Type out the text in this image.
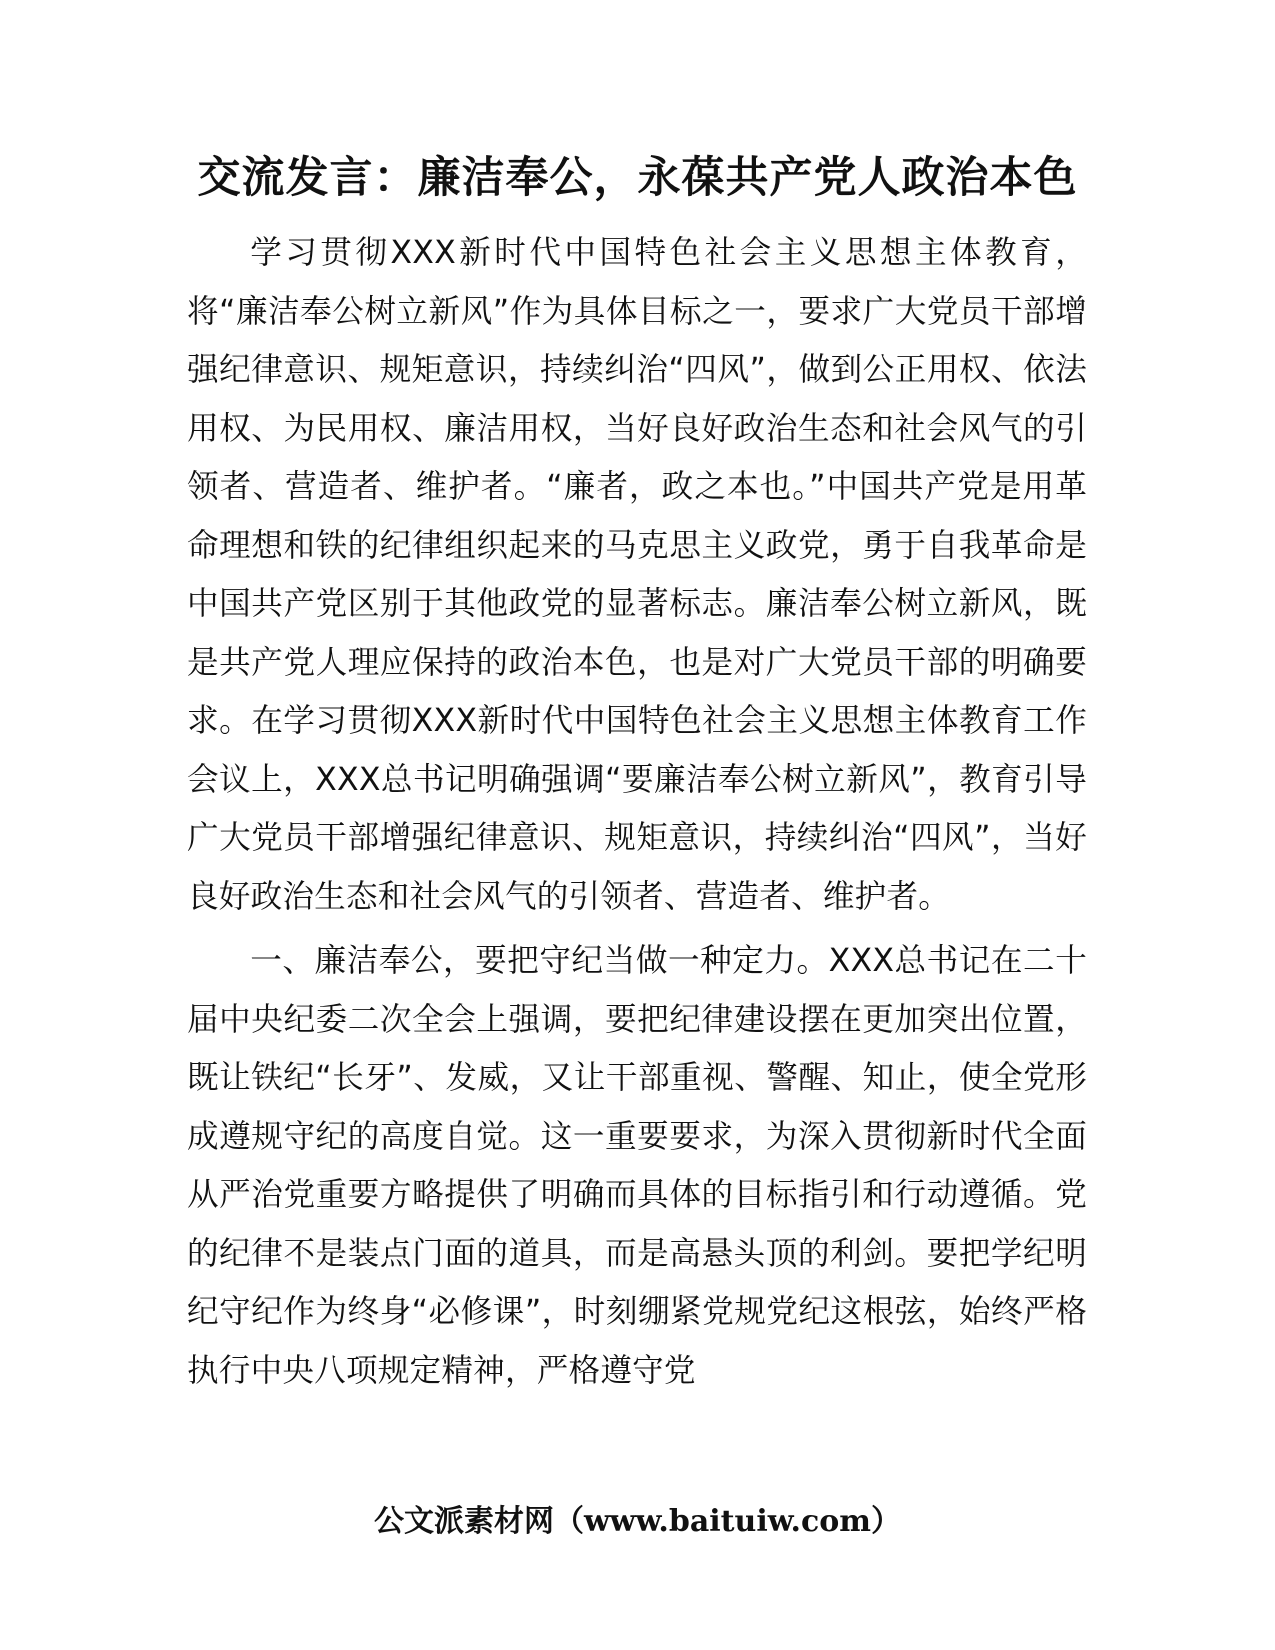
交流发言：廉洁奉公，永葆共产党人政治本色

学习贯彻XXX新时代中国特色社会主义思想主体教育，将“廉洁奉公树立新风”作为具体目标之一，要求广大党员干部增强纪律意识、规矩意识，持续纠治“四风”，做到公正用权、依法用权、为民用权、廉洁用权，当好良好政治生态和社会风气的引领者、营造者、维护者。“廉者，政之本也。”中国共产党是用革命理想和铁的纪律组织起来的马克思主义政党，勇于自我革命是中国共产党区别于其他政党的显著标志。廉洁奉公树立新风，既是共产党人理应保持的政治本色，也是对广大党员干部的明确要求。在学习贯彻XXX新时代中国特色社会主义思想主体教育工作会议上，XXX总书记明确强调“要廉洁奉公树立新风”，教育引导广大党员干部增强纪律意识、规矩意识，持续纠治“四风”，当好良好政治生态和社会风气的引领者、营造者、维护者。

一、廉洁奉公，要把守纪当做一种定力。XXX总书记在二十届中央纪委二次全会上强调，要把纪律建设摆在更加突出位置，既让铁纪“长牙”、发威，又让干部重视、警醒、知止，使全党形成遵规守纪的高度自觉。这一重要要求，为深入贯彻新时代全面从严治党重要方略提供了明确而具体的目标指引和行动遵循。党的纪律不是装点门面的道具，而是高悬头顶的利剑。要把学纪明纪守纪作为终身“必修课”，时刻绷紧党规党纪这根弦，始终严格执行中央八项规定精神，严格遵守党

公文派素材网（www.baituiw.com）
